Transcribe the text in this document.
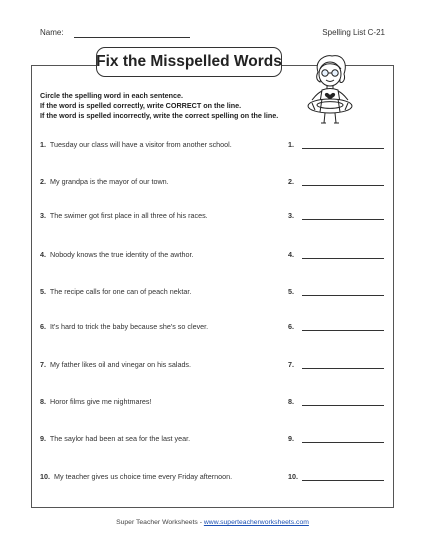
Name:	Spelling List C-21
Fix the Misspelled Words
Circle the spelling word in each sentence.
If the word is spelled correctly, write CORRECT on the line.
If the word is spelled incorrectly, write the correct spelling on the line.
1. Tuesday our class will have a visitor from another school.	1.
2. My grandpa is the mayor of our town.	2.
3. The swimer got first place in all three of his races.	3.
4. Nobody knows the true identity of the awthor.	4.
5. The recipe calls for one can of peach nektar.	5.
6. It's hard to trick the baby because she's so clever.	6.
7. My father likes oil and vinegar on his salads.	7.
8. Horor films give me nightmares!	8.
9. The saylor had been at sea for the last year.	9.
10. My teacher gives us choice time every Friday afternoon.	10.
Super Teacher Worksheets - www.superteacherworksheets.com
